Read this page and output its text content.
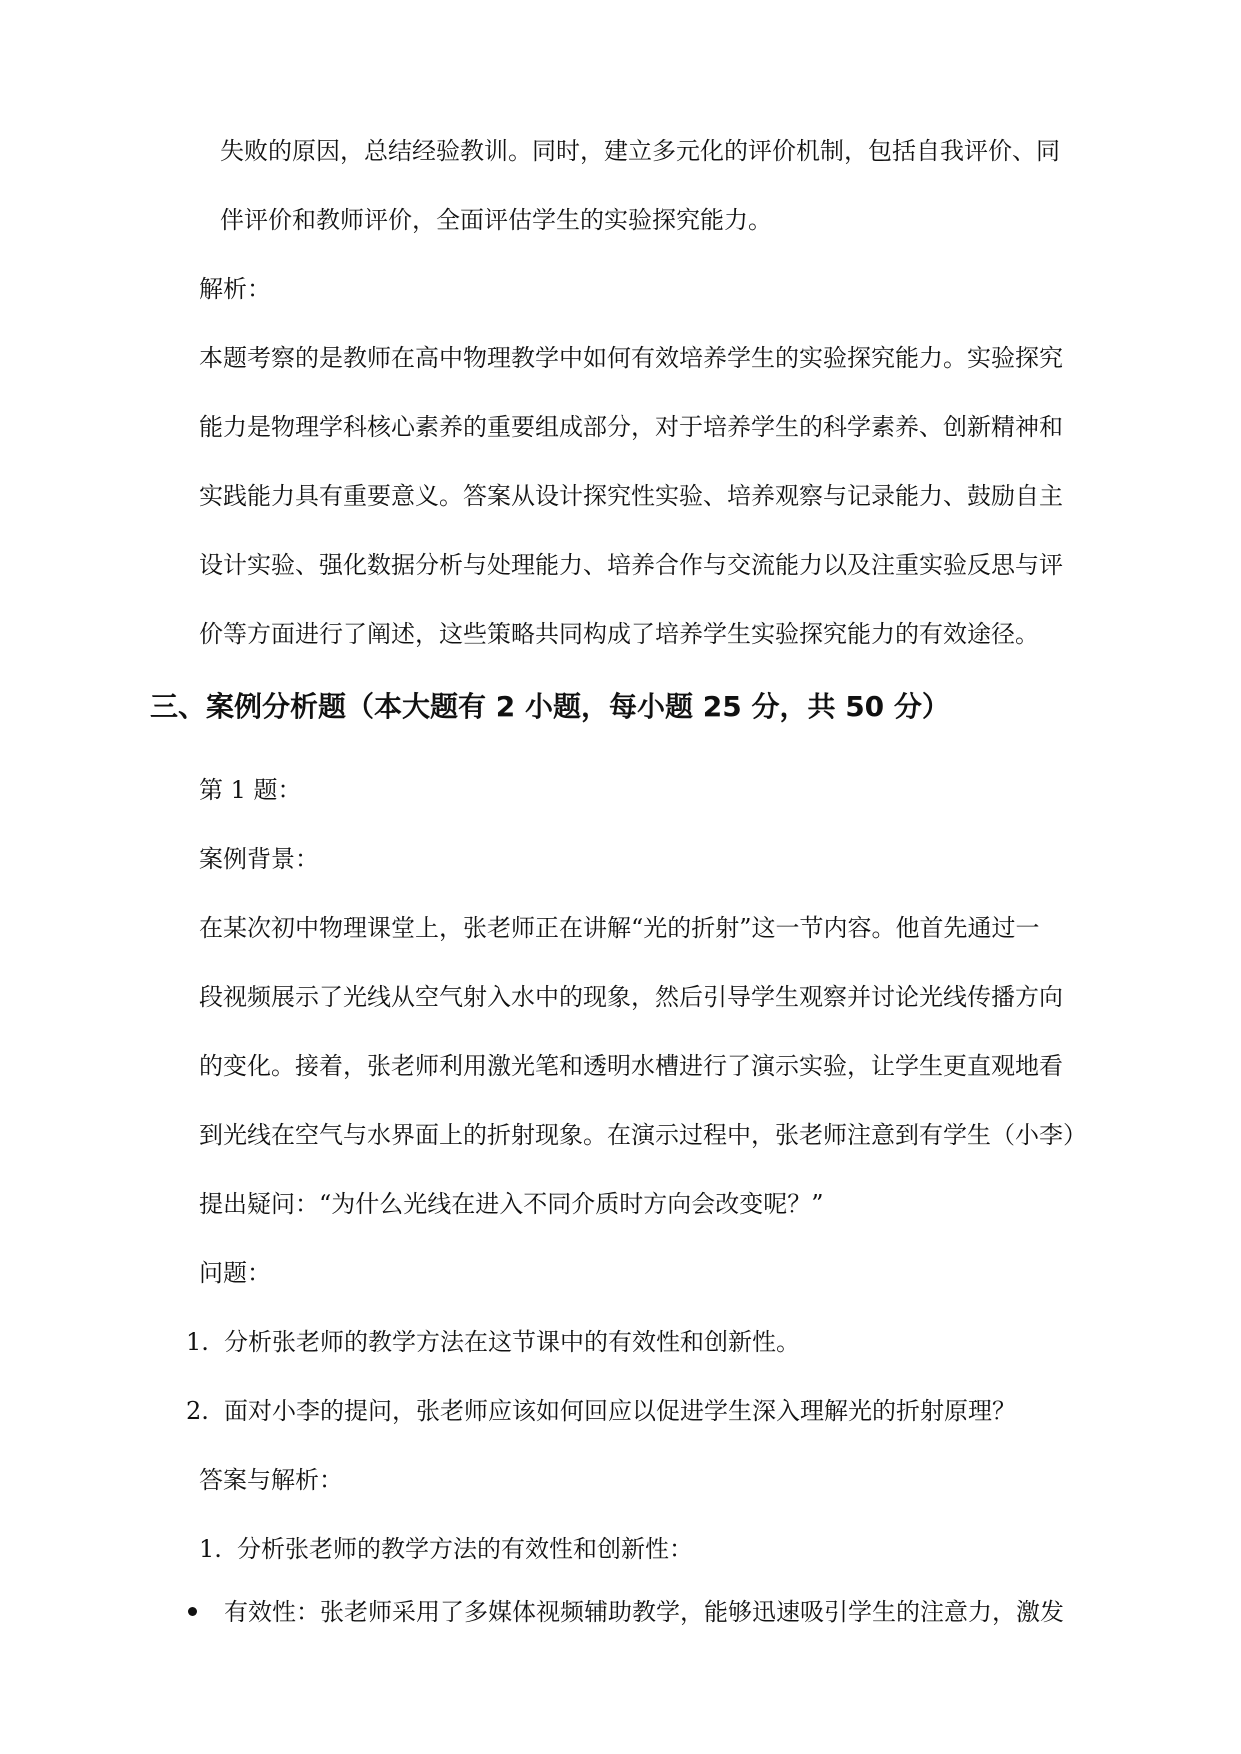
失败的原因，总结经验教训。同时，建立多元化的评价机制，包括自我评价、同

伴评价和教师评价，全面评估学生的实验探究能力。

解析：

本题考察的是教师在高中物理教学中如何有效培养学生的实验探究能力。实验探究

能力是物理学科核心素养的重要组成部分，对于培养学生的科学素养、创新精神和

实践能力具有重要意义。答案从设计探究性实验、培养观察与记录能力、鼓励自主

设计实验、强化数据分析与处理能力、培养合作与交流能力以及注重实验反思与评

价等方面进行了阐述，这些策略共同构成了培养学生实验探究能力的有效途径。

三、案例分析题（本大题有 2 小题，每小题 25 分，共 50 分）

第 1 题：

案例背景：

在某次初中物理课堂上，张老师正在讲解“光的折射”这一节内容。他首先通过一

段视频展示了光线从空气射入水中的现象，然后引导学生观察并讨论光线传播方向

的变化。接着，张老师利用激光笔和透明水槽进行了演示实验，让学生更直观地看

到光线在空气与水界面上的折射现象。在演示过程中，张老师注意到有学生（小李）

提出疑问：“为什么光线在进入不同介质时方向会改变呢？”

问题：

1. 分析张老师的教学方法在这节课中的有效性和创新性。

2. 面对小李的提问，张老师应该如何回应以促进学生深入理解光的折射原理？

答案与解析：

1. 分析张老师的教学方法的有效性和创新性：

有效性：张老师采用了多媒体视频辅助教学，能够迅速吸引学生的注意力，激发
